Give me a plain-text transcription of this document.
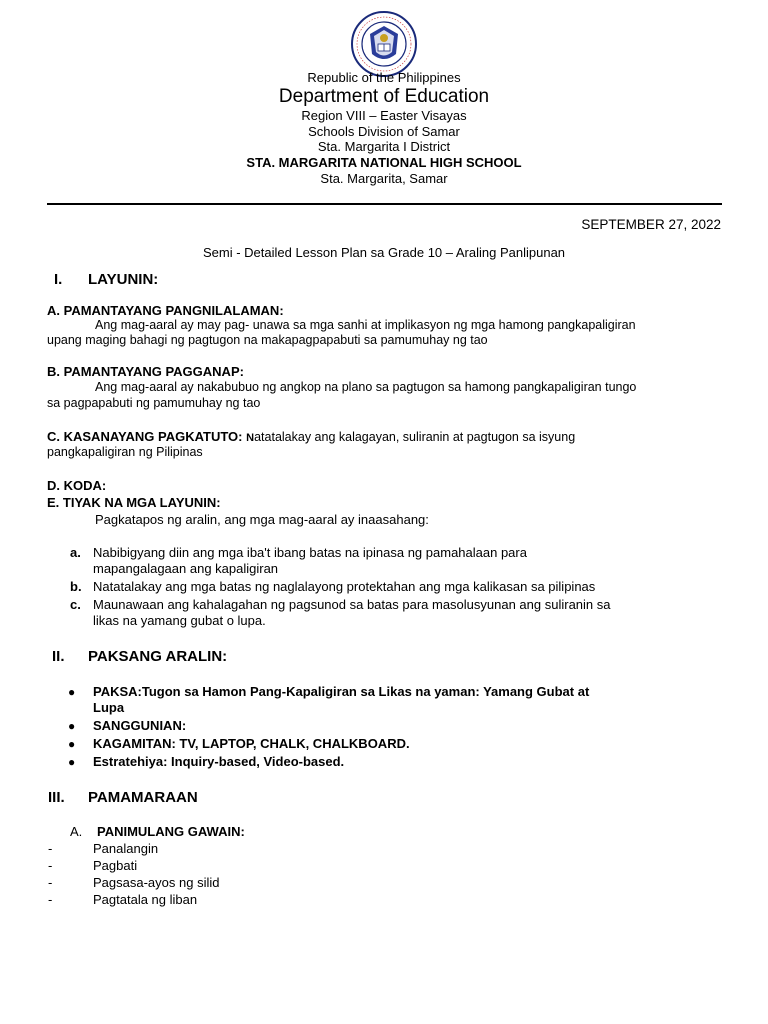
Republic of the Philippines
Department of Education
Region VIII – Easter Visayas
Schools Division of Samar
Sta. Margarita I District
STA. MARGARITA NATIONAL HIGH SCHOOL
Sta. Margarita, Samar
SEPTEMBER 27, 2022
Semi - Detailed Lesson Plan sa Grade 10 – Araling Panlipunan
I. LAYUNIN:
A. PAMANTAYANG PANGNILALAMAN:
Ang mag-aaral ay may pag- unawa sa mga sanhi at implikasyon ng mga hamong pangkapaligiran
upang maging bahagi ng pagtugon na makapagpapabuti sa pamumuhay ng tao
B. PAMANTAYANG PAGGANAP:
Ang mag-aaral ay nakabubuo ng angkop na plano sa pagtugon sa hamong pangkapaligiran tungo
sa pagpapabuti ng pamumuhay ng tao
C. KASANAYANG PAGKATUTO: Natatalakay ang kalagayan, suliranin at pagtugon sa isyung
pangkapaligiran ng Pilipinas
D. KODA:
E. TIYAK NA MGA LAYUNIN:
Pagkatapos ng aralin, ang mga mag-aaral ay inaasahang:
a. Nabibigyang diin ang mga iba't ibang batas na ipinasa ng pamahalaan para
mapangalagaan ang kapaligiran
b. Natatalakay ang mga batas ng naglalayong protektahan ang mga kalikasan sa pilipinas
c. Maunawaan ang kahalagahan ng pagsunod sa batas para masolusyunan ang suliranin sa
likas na yamang gubat o lupa.
II. PAKSANG ARALIN:
● PAKSA:Tugon sa Hamon Pang-Kapaligiran sa Likas na yaman: Yamang Gubat at
Lupa
● SANGGUNIAN:
● KAGAMITAN: TV, LAPTOP, CHALK, CHALKBOARD.
● Estratehiya: Inquiry-based, Video-based.
III. PAMAMARAAN
A. PANIMULANG GAWAIN:
-	Panalangin
-	Pagbati
-	Pagsasa-ayos ng silid
-	Pagtatala ng liban
